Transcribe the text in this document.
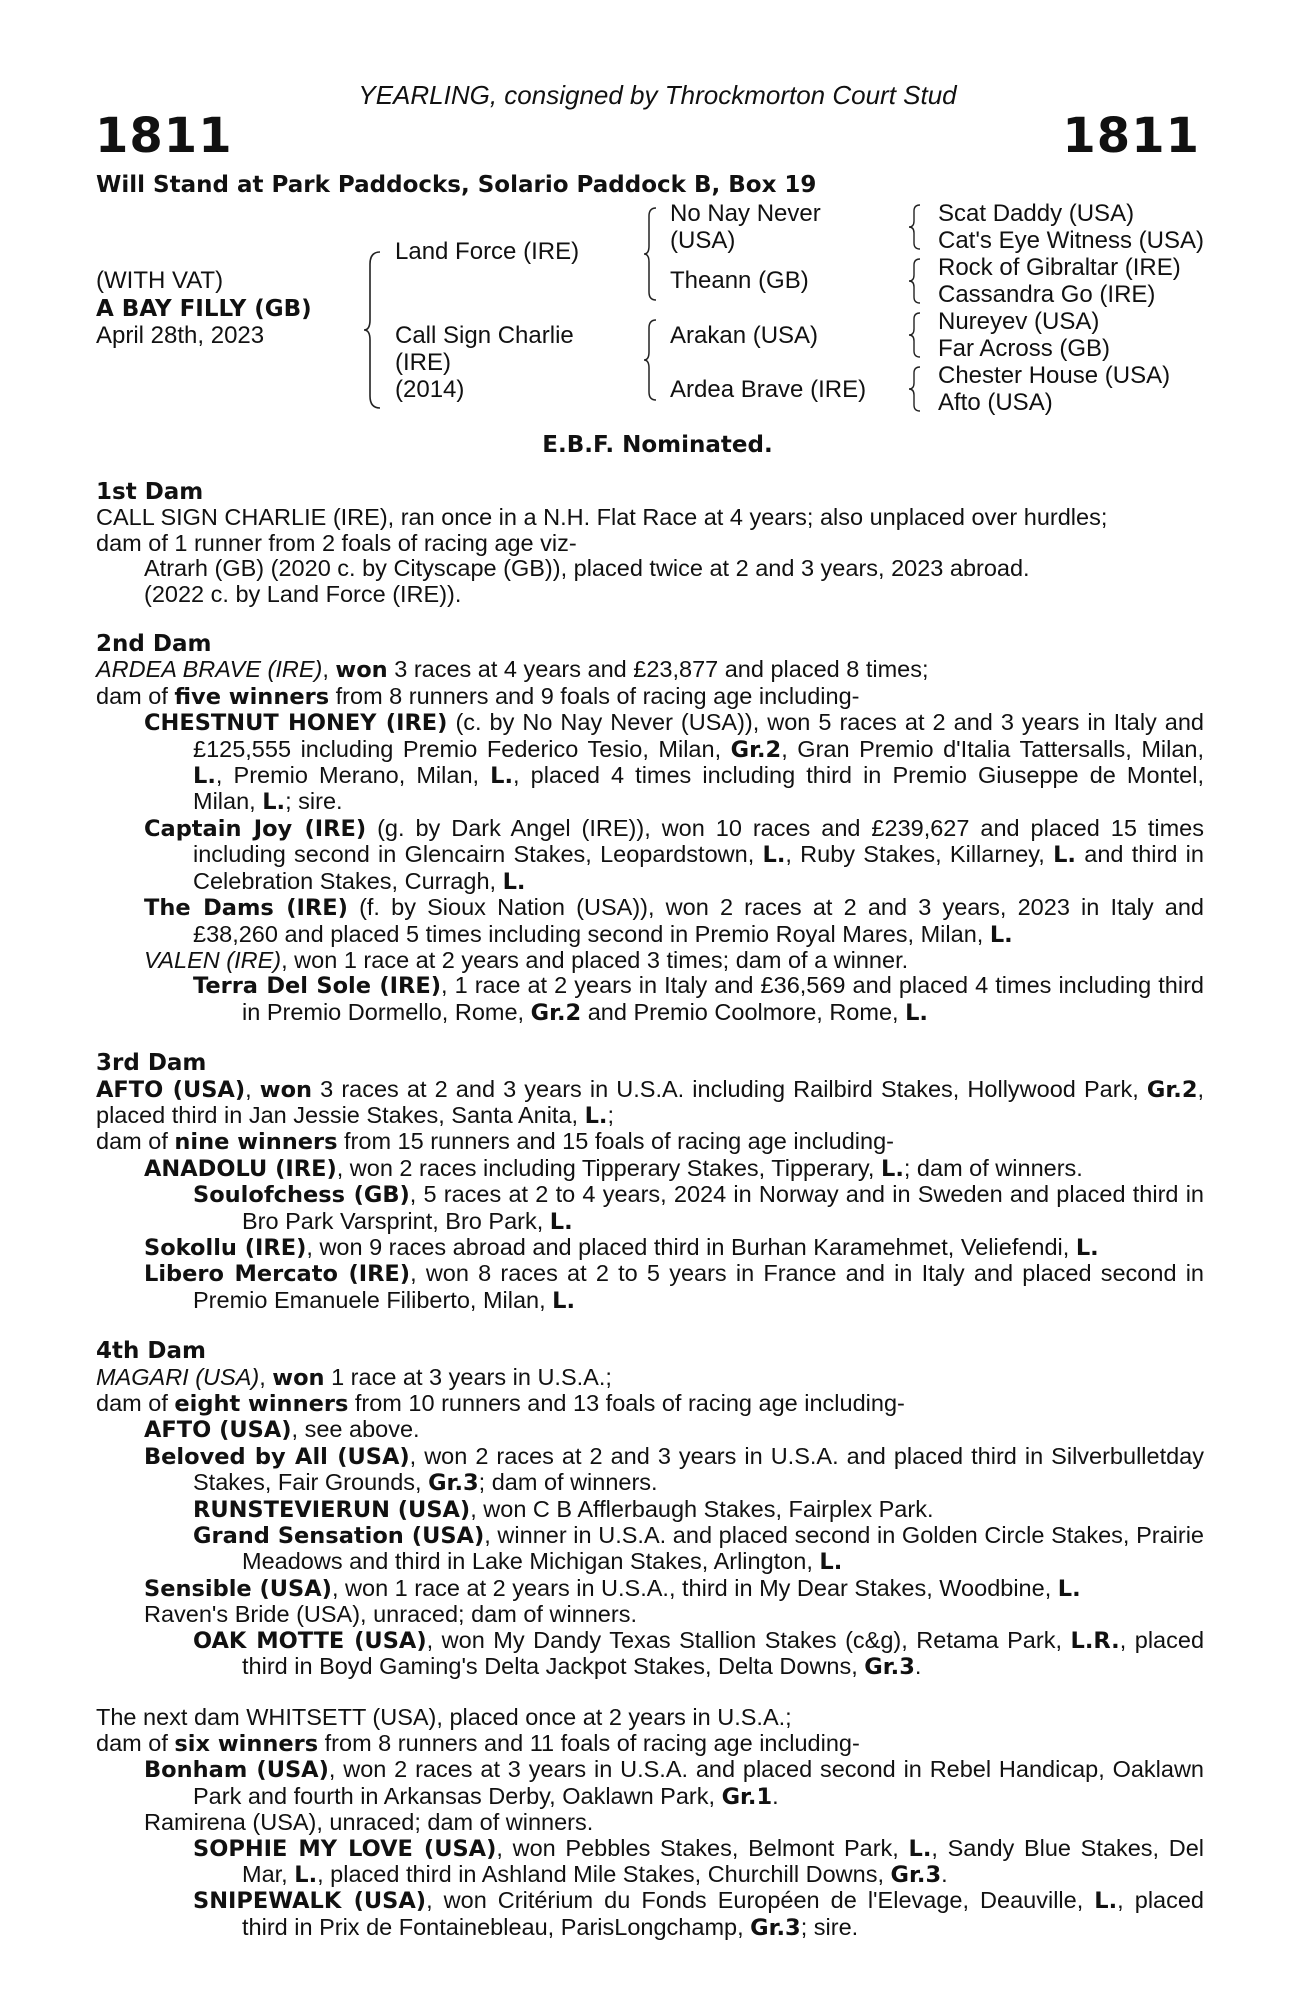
YEARLING, consigned by Throckmorton Court Stud
1811	1811
Will Stand at Park Paddocks, Solario Paddock B, Box 19
(WITH VAT)
A BAY FILLY (GB)
April 28th, 2023
Land Force (IRE)
Call Sign Charlie
(IRE)
(2014)
No Nay Never
(USA)
Theann (GB)
Arakan (USA)
Ardea Brave (IRE)
Scat Daddy (USA)
Cat's Eye Witness (USA)
Rock of Gibraltar (IRE)
Cassandra Go (IRE)
Nureyev (USA)
Far Across (GB)
Chester House (USA)
Afto (USA)
E.B.F. Nominated.
1st Dam
CALL SIGN CHARLIE (IRE), ran once in a N.H. Flat Race at 4 years; also unplaced over hurdles;
dam of 1 runner from 2 foals of racing age viz-
Atrarh (GB) (2020 c. by Cityscape (GB)), placed twice at 2 and 3 years, 2023 abroad.
(2022 c. by Land Force (IRE)).
2nd Dam
ARDEA BRAVE (IRE), won 3 races at 4 years and £23,877 and placed 8 times;
dam of five winners from 8 runners and 9 foals of racing age including-
CHESTNUT HONEY (IRE) (c. by No Nay Never (USA)), won 5 races at 2 and 3 years in Italy and £125,555 including Premio Federico Tesio, Milan, Gr.2, Gran Premio d'Italia Tattersalls, Milan, L., Premio Merano, Milan, L., placed 4 times including third in Premio Giuseppe de Montel, Milan, L.; sire.
Captain Joy (IRE) (g. by Dark Angel (IRE)), won 10 races and £239,627 and placed 15 times including second in Glencairn Stakes, Leopardstown, L., Ruby Stakes, Killarney, L. and third in Celebration Stakes, Curragh, L.
The Dams (IRE) (f. by Sioux Nation (USA)), won 2 races at 2 and 3 years, 2023 in Italy and £38,260 and placed 5 times including second in Premio Royal Mares, Milan, L.
VALEN (IRE), won 1 race at 2 years and placed 3 times; dam of a winner.
Terra Del Sole (IRE), 1 race at 2 years in Italy and £36,569 and placed 4 times including third in Premio Dormello, Rome, Gr.2 and Premio Coolmore, Rome, L.
3rd Dam
AFTO (USA), won 3 races at 2 and 3 years in U.S.A. including Railbird Stakes, Hollywood Park, Gr.2, placed third in Jan Jessie Stakes, Santa Anita, L.;
dam of nine winners from 15 runners and 15 foals of racing age including-
ANADOLU (IRE), won 2 races including Tipperary Stakes, Tipperary, L.; dam of winners.
Soulofchess (GB), 5 races at 2 to 4 years, 2024 in Norway and in Sweden and placed third in Bro Park Varsprint, Bro Park, L.
Sokollu (IRE), won 9 races abroad and placed third in Burhan Karamehmet, Veliefendi, L.
Libero Mercato (IRE), won 8 races at 2 to 5 years in France and in Italy and placed second in Premio Emanuele Filiberto, Milan, L.
4th Dam
MAGARI (USA), won 1 race at 3 years in U.S.A.;
dam of eight winners from 10 runners and 13 foals of racing age including-
AFTO (USA), see above.
Beloved by All (USA), won 2 races at 2 and 3 years in U.S.A. and placed third in Silverbulletday Stakes, Fair Grounds, Gr.3; dam of winners.
RUNSTEVIERUN (USA), won C B Afflerbaugh Stakes, Fairplex Park.
Grand Sensation (USA), winner in U.S.A. and placed second in Golden Circle Stakes, Prairie Meadows and third in Lake Michigan Stakes, Arlington, L.
Sensible (USA), won 1 race at 2 years in U.S.A., third in My Dear Stakes, Woodbine, L.
Raven's Bride (USA), unraced; dam of winners.
OAK MOTTE (USA), won My Dandy Texas Stallion Stakes (c&g), Retama Park, L.R., placed third in Boyd Gaming's Delta Jackpot Stakes, Delta Downs, Gr.3.
The next dam WHITSETT (USA), placed once at 2 years in U.S.A.;
dam of six winners from 8 runners and 11 foals of racing age including-
Bonham (USA), won 2 races at 3 years in U.S.A. and placed second in Rebel Handicap, Oaklawn Park and fourth in Arkansas Derby, Oaklawn Park, Gr.1.
Ramirena (USA), unraced; dam of winners.
SOPHIE MY LOVE (USA), won Pebbles Stakes, Belmont Park, L., Sandy Blue Stakes, Del Mar, L., placed third in Ashland Mile Stakes, Churchill Downs, Gr.3.
SNIPEWALK (USA), won Critérium du Fonds Européen de l'Elevage, Deauville, L., placed third in Prix de Fontainebleau, ParisLongchamp, Gr.3; sire.
